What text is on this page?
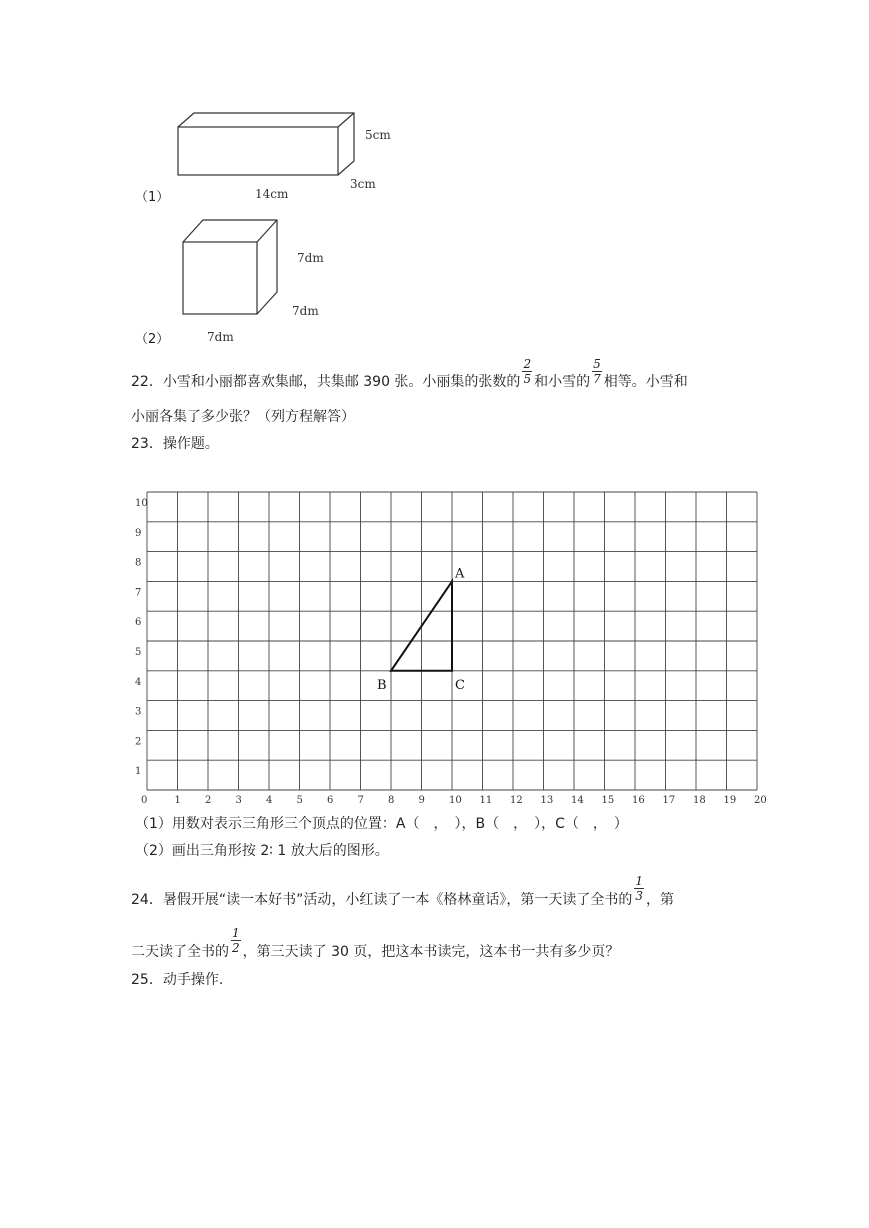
5cm
3cm
14cm
（1）
7dm
7dm
7dm
（2）
22．小雪和小丽都喜欢集邮，共集邮 390 张。小丽集的张数的 $\frac{2}{5}$ 和小雪的 $\frac{5}{7}$ 相等。小雪和
小丽各集了多少张？（列方程解答）
23．操作题。
0	1 2 3 4 5 6 7 8 9 10 11 12 13 14 15 16 17 18 19 20
1
2
3
4
5
6
7
8
9
10
A
B	C
（1）用数对表示三角形三个顶点的位置：A（　，　），B（　，　），C（　，　）
（2）画出三角形按 2∶ 1 放大后的图形。
24．暑假开展“读一本好书”活动，小红读了一本《格林童话》，第一天读了全书的 $\frac{1}{3}$ ，第
二天读了全书的 $\frac{1}{2}$ ，第三天读了 30 页，把这本书读完，这本书一共有多少页？
25．动手操作.
